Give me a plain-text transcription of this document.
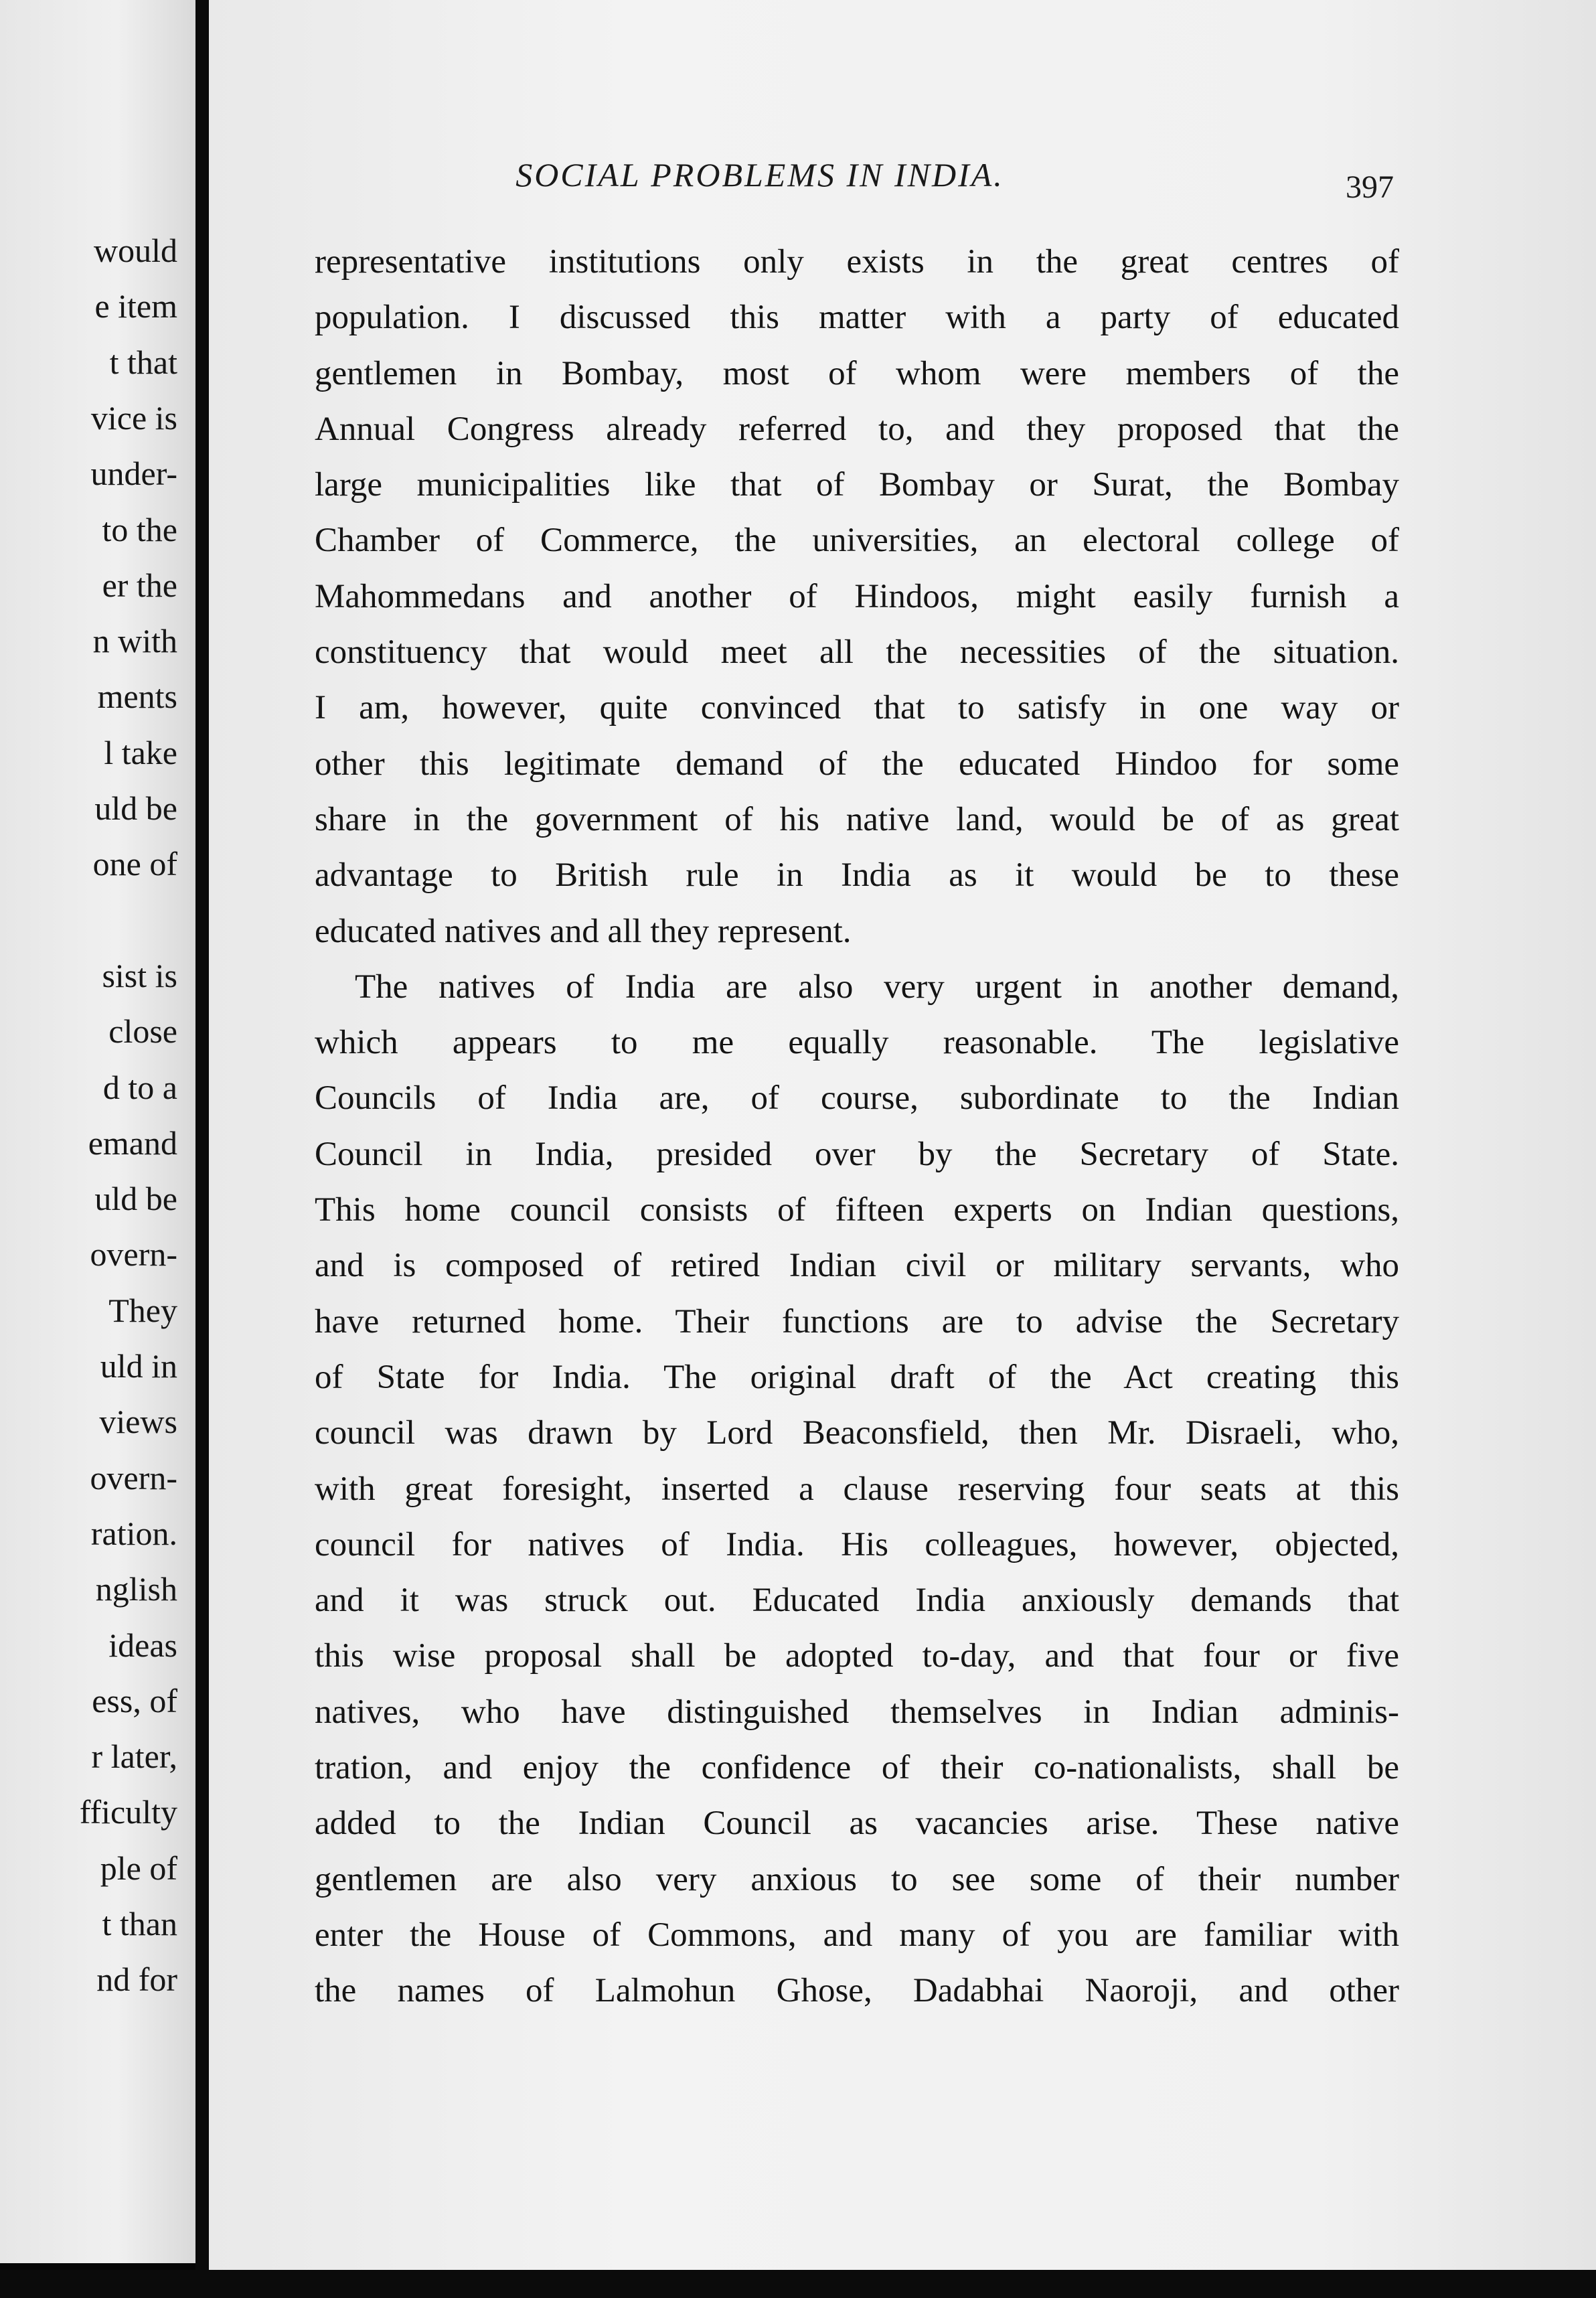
would
e item
t that
vice is
under-
to the
er the
n with
ments
l take
uld be
one of
sist is
close
d to a
emand
uld be
overn-
They
uld in
views
overn-
ration.
nglish
ideas
ess, of
r later,
fficulty
ple of
t than
nd for
SOCIAL PROBLEMS IN INDIA.	397
representative institutions only exists in the great centres of
population. I discussed this matter with a party of educated
gentlemen in Bombay, most of whom were members of the
Annual Congress already referred to, and they proposed that the
large municipalities like that of Bombay or Surat, the Bombay
Chamber of Commerce, the universities, an electoral college of
Mahommedans and another of Hindoos, might easily furnish a
constituency that would meet all the necessities of the situation.
I am, however, quite convinced that to satisfy in one way or
other this legitimate demand of the educated Hindoo for some
share in the government of his native land, would be of as great
advantage to British rule in India as it would be to these
educated natives and all they represent.
The natives of India are also very urgent in another demand,
which appears to me equally reasonable. The legislative
Councils of India are, of course, subordinate to the Indian
Council in India, presided over by the Secretary of State.
This home council consists of fifteen experts on Indian questions,
and is composed of retired Indian civil or military servants, who
have returned home. Their functions are to advise the Secretary
of State for India. The original draft of the Act creating this
council was drawn by Lord Beaconsfield, then Mr. Disraeli, who,
with great foresight, inserted a clause reserving four seats at this
council for natives of India. His colleagues, however, objected,
and it was struck out. Educated India anxiously demands that
this wise proposal shall be adopted to-day, and that four or five
natives, who have distinguished themselves in Indian adminis-
tration, and enjoy the confidence of their co-nationalists, shall be
added to the Indian Council as vacancies arise. These native
gentlemen are also very anxious to see some of their number
enter the House of Commons, and many of you are familiar with
the names of Lalmohun Ghose, Dadabhai Naoroji, and other
